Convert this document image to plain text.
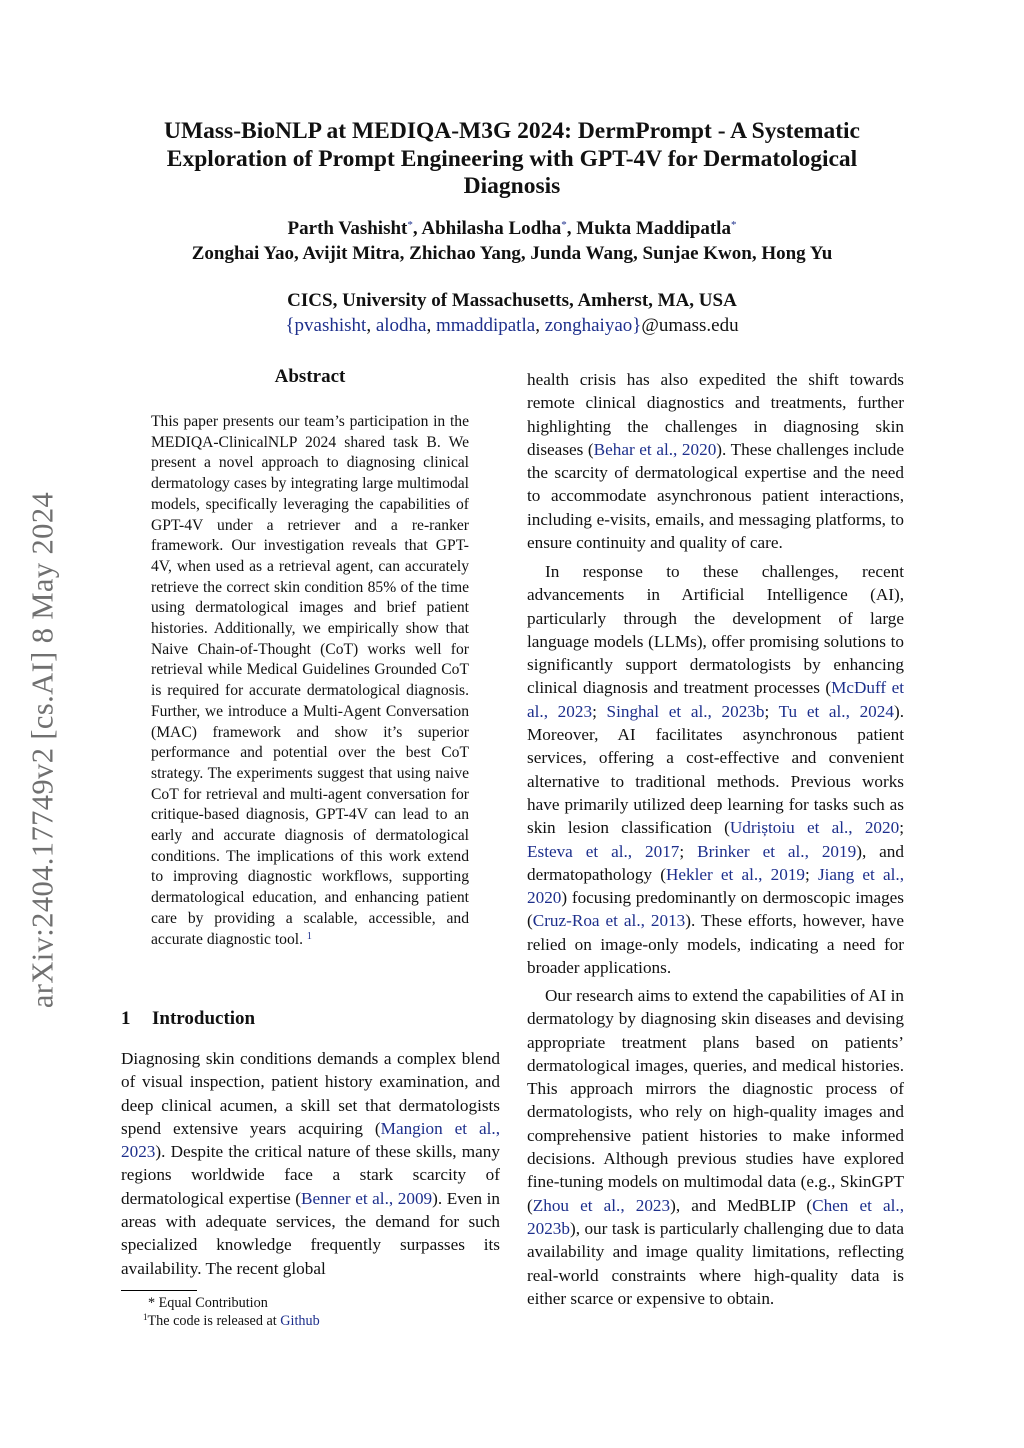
arXiv:2404.17749v2 [cs.AI] 8 May 2024
UMass-BioNLP at MEDIQA-M3G 2024: DermPrompt - A Systematic Exploration of Prompt Engineering with GPT-4V for Dermatological Diagnosis
Parth Vashisht*, Abhilasha Lodha*, Mukta Maddipatla*
Zonghai Yao, Avijit Mitra, Zhichao Yang, Junda Wang, Sunjae Kwon, Hong Yu
CICS, University of Massachusetts, Amherst, MA, USA
{pvashisht, alodha, mmaddipatla, zonghaiyao}@umass.edu
Abstract

This paper presents our team’s participation in the MEDIQA-ClinicalNLP 2024 shared task B. We present a novel approach to diagnosing clinical dermatology cases by integrating large multimodal models, specifically leveraging the capabilities of GPT-4V under a retriever and a re-ranker framework. Our investigation reveals that GPT-4V, when used as a retrieval agent, can accurately retrieve the correct skin condition 85% of the time using dermatological images and brief patient histories. Additionally, we empirically show that Naive Chain-of-Thought (CoT) works well for retrieval while Medical Guidelines Grounded CoT is required for accurate dermatological diagnosis. Further, we introduce a Multi-Agent Conversation (MAC) framework and show it’s superior performance and potential over the best CoT strategy. The experiments suggest that using naive CoT for retrieval and multi-agent conversation for critique-based diagnosis, GPT-4V can lead to an early and accurate diagnosis of dermatological conditions. The implications of this work extend to improving diagnostic workflows, supporting dermatological education, and enhancing patient care by providing a scalable, accessible, and accurate diagnostic tool. $^1$

1 Introduction

Diagnosing skin conditions demands a complex blend of visual inspection, patient history examination, and deep clinical acumen, a skill set that dermatologists spend extensive years acquiring (Mangion et al., 2023). Despite the critical nature of these skills, many regions worldwide face a stark scarcity of dermatological expertise (Benner et al., 2009). Even in areas with adequate services, the demand for such specialized knowledge frequently surpasses its availability. The recent global

health crisis has also expedited the shift towards remote clinical diagnostics and treatments, further highlighting the challenges in diagnosing skin diseases (Behar et al., 2020). These challenges include the scarcity of dermatological expertise and the need to accommodate asynchronous patient interactions, including e-visits, emails, and messaging platforms, to ensure continuity and quality of care.

In response to these challenges, recent advancements in Artificial Intelligence (AI), particularly through the development of large language models (LLMs), offer promising solutions to significantly support dermatologists by enhancing clinical diagnosis and treatment processes (McDuff et al., 2023; Singhal et al., 2023b; Tu et al., 2024). Moreover, AI facilitates asynchronous patient services, offering a cost-effective and convenient alternative to traditional methods. Previous works have primarily utilized deep learning for tasks such as skin lesion classification (Udriștoiu et al., 2020; Esteva et al., 2017; Brinker et al., 2019), and dermatopathology (Hekler et al., 2019; Jiang et al., 2020) focusing predominantly on dermoscopic images (Cruz-Roa et al., 2013). These efforts, however, have relied on image-only models, indicating a need for broader applications.

Our research aims to extend the capabilities of AI in dermatology by diagnosing skin diseases and devising appropriate treatment plans based on patients’ dermatological images, queries, and medical histories. This approach mirrors the diagnostic process of dermatologists, who rely on high-quality images and comprehensive patient histories to make informed decisions. Although previous studies have explored fine-tuning models on multimodal data (e.g., SkinGPT (Zhou et al., 2023), and MedBLIP (Chen et al., 2023b), our task is particularly challenging due to data availability and image quality limitations, reflecting real-world constraints where high-quality data is either scarce or expensive to obtain.

* Equal Contribution

$^1$The code is released at Github
